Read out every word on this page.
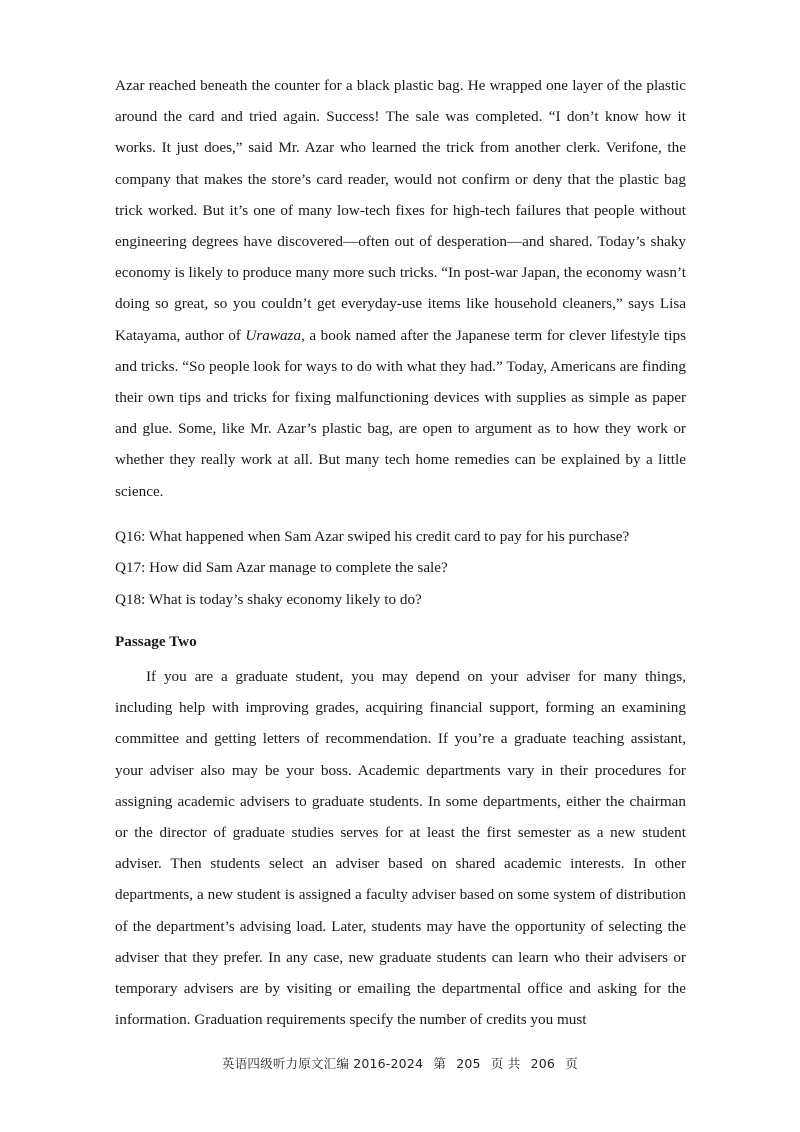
Azar reached beneath the counter for a black plastic bag. He wrapped one layer of the plastic around the card and tried again. Success! The sale was completed. “I don’t know how it works. It just does,” said Mr. Azar who learned the trick from another clerk. Verifone, the company that makes the store’s card reader, would not confirm or deny that the plastic bag trick worked. But it’s one of many low-tech fixes for high-tech failures that people without engineering degrees have discovered—often out of desperation—and shared. Today’s shaky economy is likely to produce many more such tricks. “In post-war Japan, the economy wasn’t doing so great, so you couldn’t get everyday-use items like household cleaners,” says Lisa Katayama, author of Urawaza, a book named after the Japanese term for clever lifestyle tips and tricks. “So people look for ways to do with what they had.” Today, Americans are finding their own tips and tricks for fixing malfunctioning devices with supplies as simple as paper and glue. Some, like Mr. Azar’s plastic bag, are open to argument as to how they work or whether they really work at all. But many tech home remedies can be explained by a little science.

Q16: What happened when Sam Azar swiped his credit card to pay for his purchase?

Q17: How did Sam Azar manage to complete the sale?

Q18: What is today’s shaky economy likely to do?

Passage Two

If you are a graduate student, you may depend on your adviser for many things, including help with improving grades, acquiring financial support, forming an examining committee and getting letters of recommendation. If you’re a graduate teaching assistant, your adviser also may be your boss. Academic departments vary in their procedures for assigning academic advisers to graduate students. In some departments, either the chairman or the director of graduate studies serves for at least the first semester as a new student adviser. Then students select an adviser based on shared academic interests. In other departments, a new student is assigned a faculty adviser based on some system of distribution of the department’s advising load. Later, students may have the opportunity of selecting the adviser that they prefer. In any case, new graduate students can learn who their advisers or temporary advisers are by visiting or emailing the departmental office and asking for the information. Graduation requirements specify the number of credits you must

英语四级听力原文汇编 2016-2024 第 205 页 共 206 页
